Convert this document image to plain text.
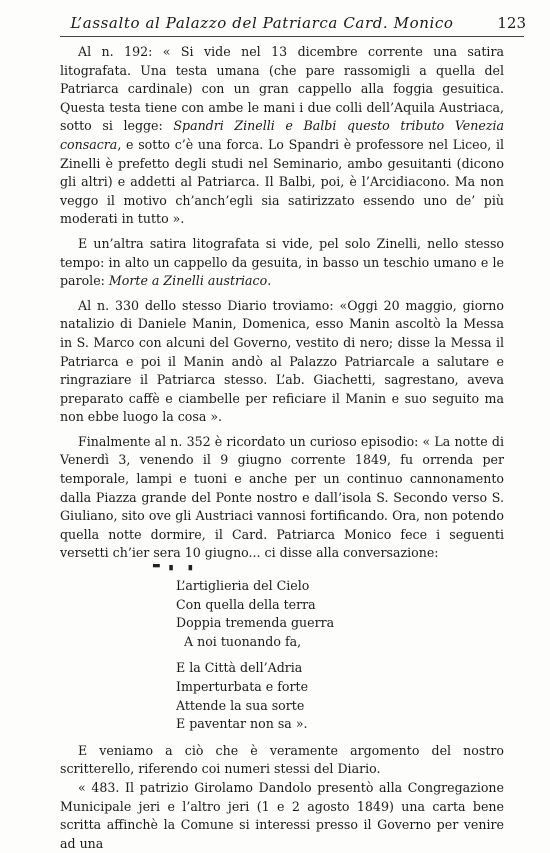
L’assalto al Palazzo del Patriarca Card. Monico	123

Al n. 192: « Si vide nel 13 dicembre corrente una satira litografata. Una testa umana (che pare rassomigli a quella del Patriarca cardinale) con un gran cappello alla foggia gesuitica. Questa testa tiene con ambe le mani i due colli dell’Aquila Austriaca, sotto si legge: Spandri Zinelli e Balbi questo tributo Venezia consacra, e sotto c’è una forca. Lo Spandri è professore nel Liceo, il Zinelli è prefetto degli studi nel Seminario, ambo gesuitanti (dicono gli altri) e addetti al Patriarca. Il Balbi, poi, è l’Arcidiacono. Ma non veggo il motivo ch’anch’egli sia satirizzato essendo uno de’ più moderati in tutto ».

E un’altra satira litografata si vide, pel solo Zinelli, nello stesso tempo: in alto un cappello da gesuita, in basso un teschio umano e le parole: Morte a Zinelli austriaco.

Al n. 330 dello stesso Diario troviamo: «Oggi 20 maggio, giorno natalizio di Daniele Manin, Domenica, esso Manin ascoltò la Messa in S. Marco con alcuni del Governo, vestito di nero; disse la Messa il Patriarca e poi il Manin andò al Palazzo Patriarcale a salutare e ringraziare il Patriarca stesso. L’ab. Giachetti, sagrestano, aveva preparato caffè e ciambelle per reficiare il Manin e suo seguito ma non ebbe luogo la cosa ».

Finalmente al n. 352 è ricordato un curioso episodio: « La notte di Venerdì 3, venendo il 9 giugno corrente 1849, fu orrenda per temporale, lampi e tuoni e anche per un continuo cannonamento dalla Piazza grande del Ponte nostro e dall’isola S. Secondo verso S. Giuliano, sito ove gli Austriaci vannosi fortificando. Ora, non potendo quella notte dormire, il Card. Patriarca Monico fece i seguenti versetti ch’ier sera 10 giugno... ci disse alla conversazione:

▬ ▖ ▗
L’artiglieria del Cielo
Con quella della terra
Doppia tremenda guerra
A noi tuonando fa,
E la Città dell’Adria
Imperturbata e forte
Attende la sua sorte
E paventar non sa ».

E veniamo a ciò che è veramente argomento del nostro scritterello, riferendo coi numeri stessi del Diario.

« 483. Il patrizio Girolamo Dandolo presentò alla Congregazione Municipale jeri e l’altro jeri (1 e 2 agosto 1849) una carta bene scritta affinchè la Comune si interessi presso il Governo per venire ad una
